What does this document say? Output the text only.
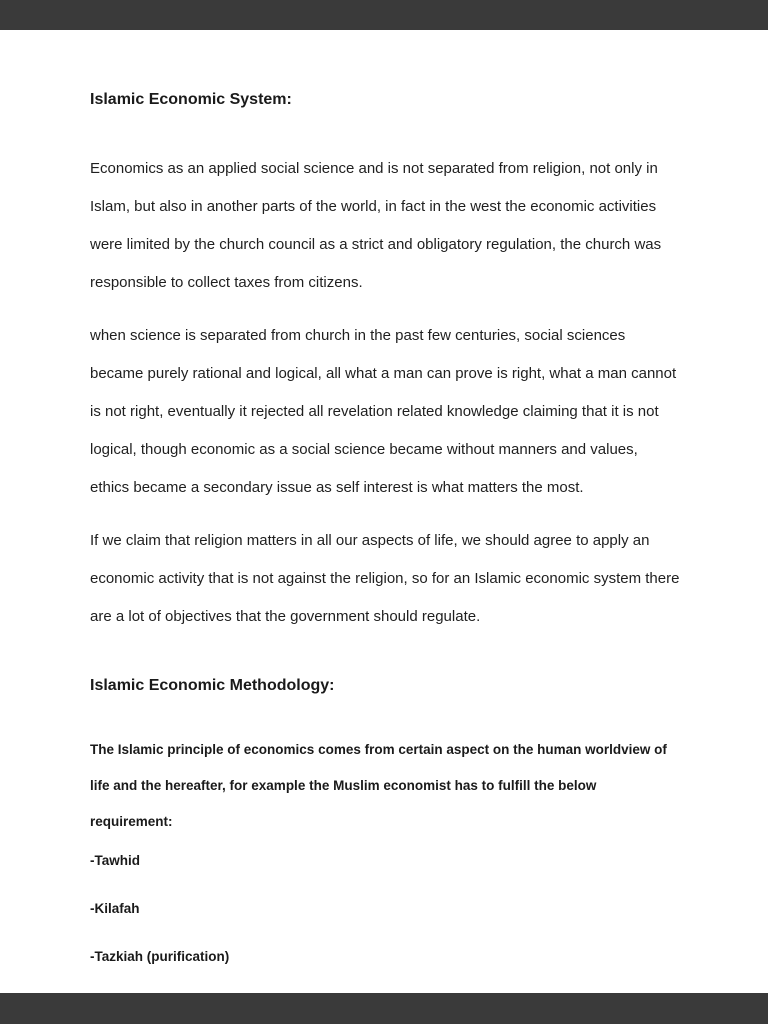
Islamic Economic System:

Economics as an applied social science and is not separated from religion, not only in Islam, but also in another parts of the world, in fact in the west the economic activities were limited by the church council as a strict and obligatory regulation, the church was responsible to collect taxes from citizens.

when science is separated from church in the past few centuries, social sciences became purely rational and logical, all what a man can prove is right, what a man cannot is not right, eventually it rejected all revelation related knowledge claiming that it is not logical, though economic as a social science became without manners and values, ethics became a secondary issue as self interest is what matters the most.

If we claim that religion matters in all our aspects of life, we should agree to apply an economic activity that is not against the religion, so for an Islamic economic system there are a lot of objectives that the government should regulate.

Islamic Economic Methodology:

The Islamic principle of economics comes from certain aspect on the human worldview of life and the hereafter, for example the Muslim economist has to fulfill the below requirement:

-Tawhid

-Kilafah

-Tazkiah (purification)
